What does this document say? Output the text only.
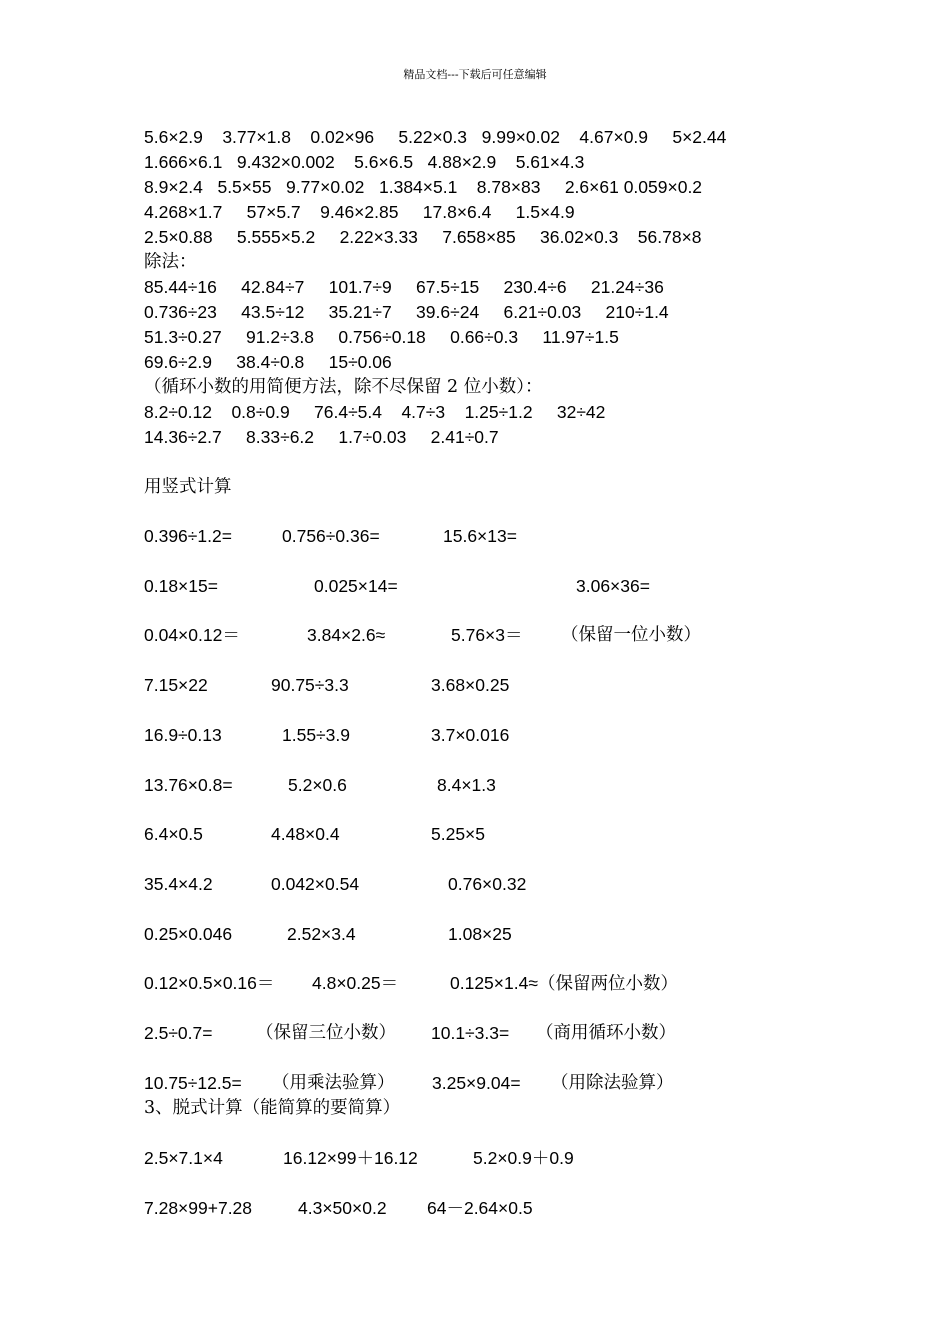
精品文档---下载后可任意编辑
5.6×2.9    3.77×1.8    0.02×96     5.22×0.3   9.99×0.02    4.67×0.9     5×2.44
1.666×6.1   9.432×0.002    5.6×6.5   4.88×2.9    5.61×4.3
8.9×2.4   5.5×55   9.77×0.02   1.384×5.1    8.78×83     2.6×61 0.059×0.2
4.268×1.7     57×5.7    9.46×2.85     17.8×6.4     1.5×4.9
2.5×0.88     5.555×5.2     2.22×3.33     7.658×85     36.02×0.3    56.78×8
除法：
85.44÷16     42.84÷7     101.7÷9     67.5÷15     230.4÷6     21.24÷36
0.736÷23     43.5÷12     35.21÷7     39.6÷24     6.21÷0.03     210÷1.4
51.3÷0.27     91.2÷3.8     0.756÷0.18     0.66÷0.3     11.97÷1.5
69.6÷2.9     38.4÷0.8     15÷0.06
（循环小数的用简便方法，除不尽保留 2 位小数）：
8.2÷0.12    0.8÷0.9     76.4÷5.4    4.7÷3    1.25÷1.2     32÷42
14.36÷2.7     8.33÷6.2     1.7÷0.03     2.41÷0.7
用竖式计算
0.396÷1.2=	0.756÷0.36=	15.6×13=
0.18×15=	0.025×14=	3.06×36=
0.04×0.12＝	3.84×2.6≈	5.76×3＝ （保留一位小数）
7.15×22	90.75÷3.3	3.68×0.25
16.9÷0.13	1.55÷3.9	3.7×0.016
13.76×0.8=	5.2×0.6	8.4×1.3
6.4×0.5	4.48×0.4	5.25×5
35.4×4.2	0.042×0.54	0.76×0.32
0.25×0.046	2.52×3.4	1.08×25
0.12×0.5×0.16＝ 4.8×0.25＝	0.125×1.4≈（保留两位小数）
2.5÷0.7= （保留三位小数） 10.1÷3.3= （商用循环小数）
10.75÷12.5= （用乘法验算） 3.25×9.04= （用除法验算）
3、脱式计算（能简算的要简算）
2.5×7.1×4	16.12×99＋16.12	5.2×0.9＋0.9
7.28×99+7.28	4.3×50×0.2 64－2.64×0.5
